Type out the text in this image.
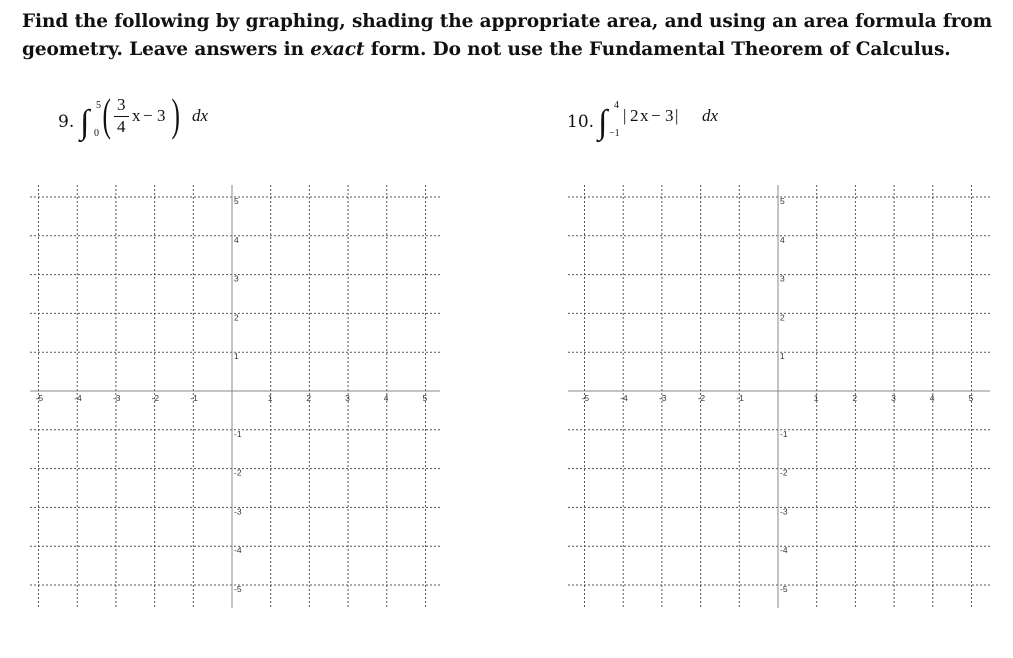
Find the following by graphing, shading the appropriate area, and using an area formula from geometry. Leave answers in exact form. Do not use the Fundamental Theorem of Calculus.
9. ∫ 5
0 ( 3
4
x − 3 ) dx	10. ∫ 4
−1
| 2 x − 3 | dx
-5	-4	-3	-2	-1	1	2	3	4	5
5
4
3
2
1
-1
-2
-3
-4
-5
-5	-4	-3	-2	-1	1	2	3	4	5
5
4
3
2
1
-1
-2
-3
-4
-5
